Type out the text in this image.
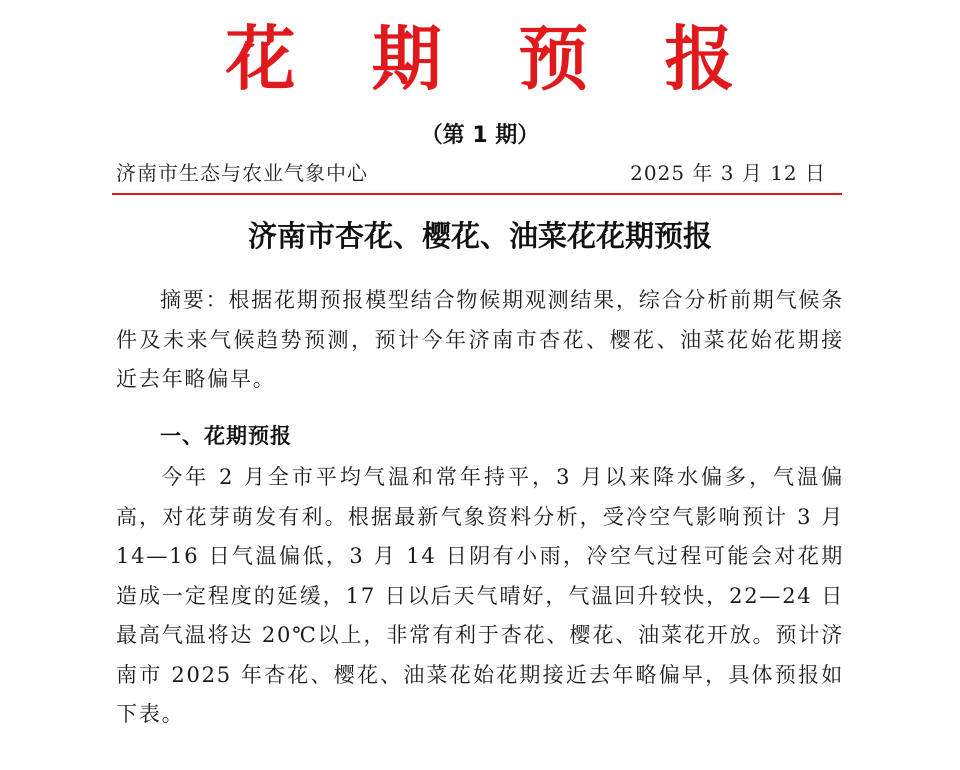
花 期 预 报
（第 1 期）
济南市生态与农业气象中心	2025 年 3 月 12 日
济南市杏花、樱花、油菜花花期预报
摘要：根据花期预报模型结合物候期观测结果，综合分析前期气候条件及未来气候趋势预测，预计今年济南市杏花、樱花、油菜花始花期接近去年略偏早。
一、花期预报
今年 2 月全市平均气温和常年持平，3 月以来降水偏多，气温偏高，对花芽萌发有利。根据最新气象资料分析，受冷空气影响预计 3 月 14—16 日气温偏低，3 月 14 日阴有小雨，冷空气过程可能会对花期造成一定程度的延缓，17 日以后天气晴好，气温回升较快，22—24 日最高气温将达 20℃以上，非常有利于杏花、樱花、油菜花开放。预计济南市 2025 年杏花、樱花、油菜花始花期接近去年略偏早，具体预报如下表。
